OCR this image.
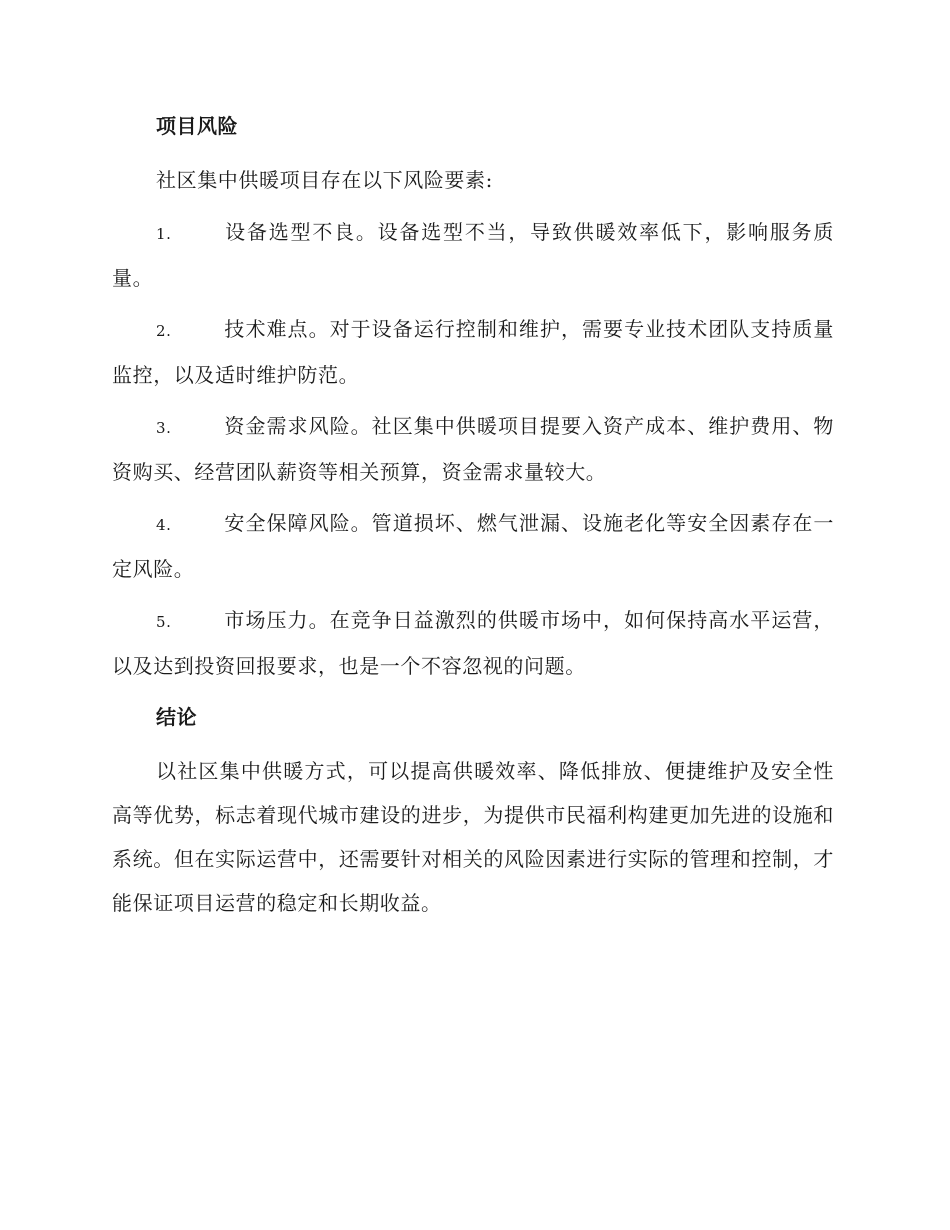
项目风险

社区集中供暖项目存在以下风险要素:

1.	设备选型不良。设备选型不当，导致供暖效率低下，影响服务质量。

2.	技术难点。对于设备运行控制和维护，需要专业技术团队支持质量监控，以及适时维护防范。

3.	资金需求风险。社区集中供暖项目提要入资产成本、维护费用、物资购买、经营团队薪资等相关预算，资金需求量较大。

4.	安全保障风险。管道损坏、燃气泄漏、设施老化等安全因素存在一定风险。

5.	市场压力。在竞争日益激烈的供暖市场中，如何保持高水平运营，以及达到投资回报要求，也是一个不容忽视的问题。

结论

以社区集中供暖方式，可以提高供暖效率、降低排放、便捷维护及安全性高等优势，标志着现代城市建设的进步，为提供市民福利构建更加先进的设施和系统。但在实际运营中，还需要针对相关的风险因素进行实际的管理和控制，才能保证项目运营的稳定和长期收益。
